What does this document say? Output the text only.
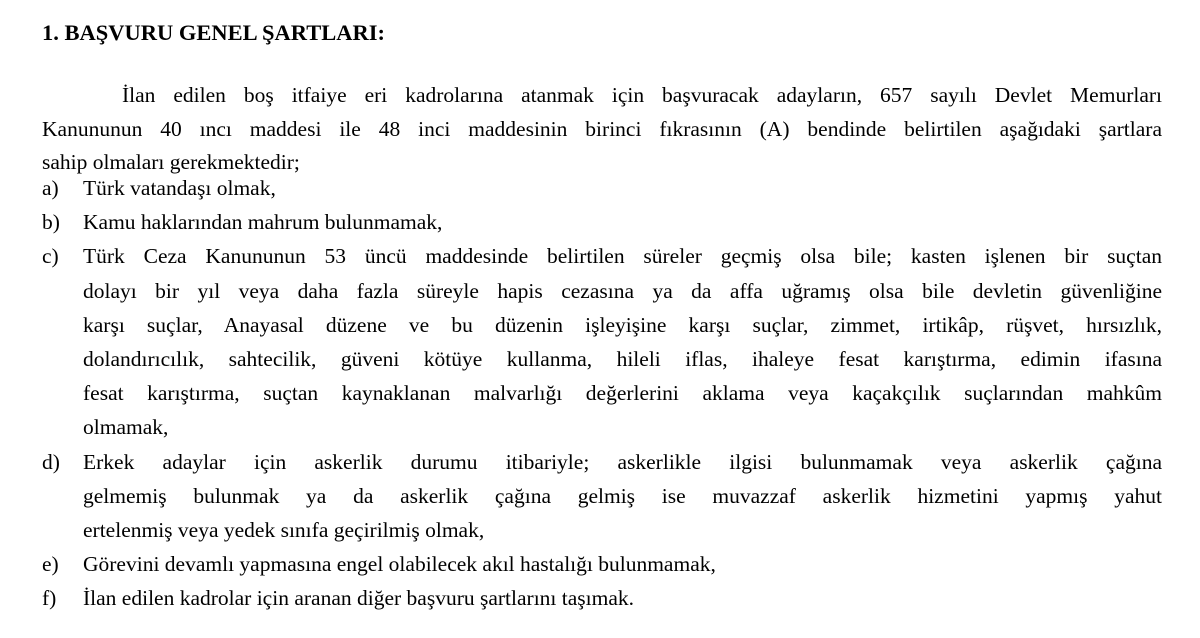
1. BAŞVURU GENEL ŞARTLARI:
İlan edilen boş itfaiye eri kadrolarına atanmak için başvuracak adayların, 657 sayılı Devlet Memurları
Kanununun 40 ıncı maddesi ile 48 inci maddesinin birinci fıkrasının (A) bendinde belirtilen aşağıdaki şartlara
sahip olmaları gerekmektedir;
a)	Türk vatandaşı olmak,
b)	Kamu haklarından mahrum bulunmamak,
c)	Türk Ceza Kanununun 53 üncü maddesinde belirtilen süreler geçmiş olsa bile; kasten işlenen bir suçtan
dolayı bir yıl veya daha fazla süreyle hapis cezasına ya da affa uğramış olsa bile devletin güvenliğine
karşı suçlar, Anayasal düzene ve bu düzenin işleyişine karşı suçlar, zimmet, irtikâp, rüşvet, hırsızlık,
dolandırıcılık, sahtecilik, güveni kötüye kullanma, hileli iflas, ihaleye fesat karıştırma, edimin ifasına
fesat karıştırma, suçtan kaynaklanan malvarlığı değerlerini aklama veya kaçakçılık suçlarından mahkûm
olmamak,
d)	Erkek adaylar için askerlik durumu itibariyle; askerlikle ilgisi bulunmamak veya askerlik çağına
gelmemiş bulunmak ya da askerlik çağına gelmiş ise muvazzaf askerlik hizmetini yapmış yahut
ertelenmiş veya yedek sınıfa geçirilmiş olmak,
e)	Görevini devamlı yapmasına engel olabilecek akıl hastalığı bulunmamak,
f)	İlan edilen kadrolar için aranan diğer başvuru şartlarını taşımak.
